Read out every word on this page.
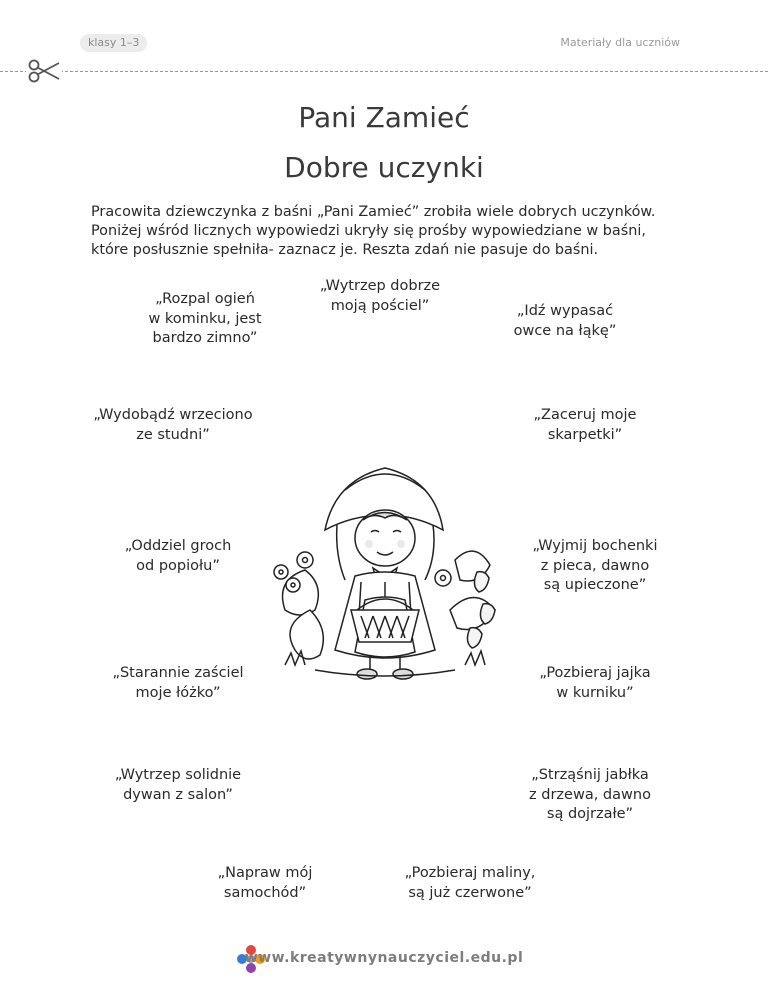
klasy 1–3	Materiały dla uczniów
Pani Zamieć
Dobre uczynki

Pracowita dziewczynka z baśni „Pani Zamieć” zrobiła wiele dobrych uczynków. Poniżej wśród licznych wypowiedzi ukryły się prośby wypowiedziane w baśni, które posłusznie spełniła- zaznacz je. Reszta zdań nie pasuje do baśni.

„Rozpal ogień
w kominku, jest
bardzo zimno”
„Wytrzep dobrze
moją pościel”	„Idź wypasać
owce na łąkę”
„Wydobądź wrzeciono
ze studni”
„Zaceruj moje
skarpetki”
„Oddziel groch
od popiołu”
„Wyjmij bochenki
z pieca, dawno
są upieczone”
„Starannie zaściel
moje łóżko”
„Pozbieraj jajka
w kurniku”
„Wytrzep solidnie
dywan z salon”
„Strząśnij jabłka
z drzewa, dawno
są dojrzałe”
„Napraw mój
samochód”
„Pozbieraj maliny,
są już czerwone”
www.kreatywnynauczyciel.edu.pl
